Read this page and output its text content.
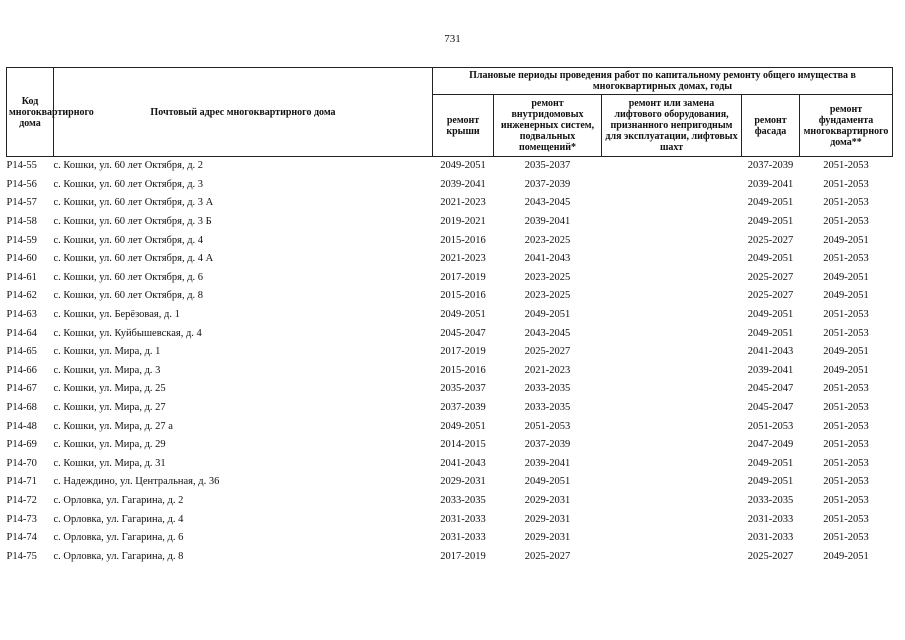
731
Код многоквартирного дома	Почтовый адрес многоквартирного дома	Плановые периоды проведения работ по капитальному ремонту общего имущества в многоквартирных домах, годы				
		ремонт крыши	ремонт внутридомовых инженерных систем, подвальных помещений*	ремонт или замена лифтового оборудования, признанного непригодным для эксплуатации, лифтовых шахт	ремонт фасада	ремонт фундамента многоквартирного дома**
Р14-55	с. Кошки, ул. 60 лет Октября, д. 2	2049-2051	2035-2037		2037-2039	2051-2053
Р14-56	с. Кошки, ул. 60 лет Октября, д. 3	2039-2041	2037-2039		2039-2041	2051-2053
Р14-57	с. Кошки, ул. 60 лет Октября, д. 3 А	2021-2023	2043-2045		2049-2051	2051-2053
Р14-58	с. Кошки, ул. 60 лет Октября, д. 3 Б	2019-2021	2039-2041		2049-2051	2051-2053
Р14-59	с. Кошки, ул. 60 лет Октября, д. 4	2015-2016	2023-2025		2025-2027	2049-2051
Р14-60	с. Кошки, ул. 60 лет Октября, д. 4 А	2021-2023	2041-2043		2049-2051	2051-2053
Р14-61	с. Кошки, ул. 60 лет Октября, д. 6	2017-2019	2023-2025		2025-2027	2049-2051
Р14-62	с. Кошки, ул. 60 лет Октября, д. 8	2015-2016	2023-2025		2025-2027	2049-2051
Р14-63	с. Кошки, ул. Берёзовая, д. 1	2049-2051	2049-2051		2049-2051	2051-2053
Р14-64	с. Кошки, ул. Куйбышевская, д. 4	2045-2047	2043-2045		2049-2051	2051-2053
Р14-65	с. Кошки, ул. Мира, д. 1	2017-2019	2025-2027		2041-2043	2049-2051
Р14-66	с. Кошки, ул. Мира, д. 3	2015-2016	2021-2023		2039-2041	2049-2051
Р14-67	с. Кошки, ул. Мира, д. 25	2035-2037	2033-2035		2045-2047	2051-2053
Р14-68	с. Кошки, ул. Мира, д. 27	2037-2039	2033-2035		2045-2047	2051-2053
Р14-48	с. Кошки, ул. Мира, д. 27 а	2049-2051	2051-2053		2051-2053	2051-2053
Р14-69	с. Кошки, ул. Мира, д. 29	2014-2015	2037-2039		2047-2049	2051-2053
Р14-70	с. Кошки, ул. Мира, д. 31	2041-2043	2039-2041		2049-2051	2051-2053
Р14-71	с. Надеждино, ул. Центральная, д. 36	2029-2031	2049-2051		2049-2051	2051-2053
Р14-72	с. Орловка, ул. Гагарина, д. 2	2033-2035	2029-2031		2033-2035	2051-2053
Р14-73	с. Орловка, ул. Гагарина, д. 4	2031-2033	2029-2031		2031-2033	2051-2053
Р14-74	с. Орловка, ул. Гагарина, д. 6	2031-2033	2029-2031		2031-2033	2051-2053
Р14-75	с. Орловка, ул. Гагарина, д. 8	2017-2019	2025-2027		2025-2027	2049-2051
